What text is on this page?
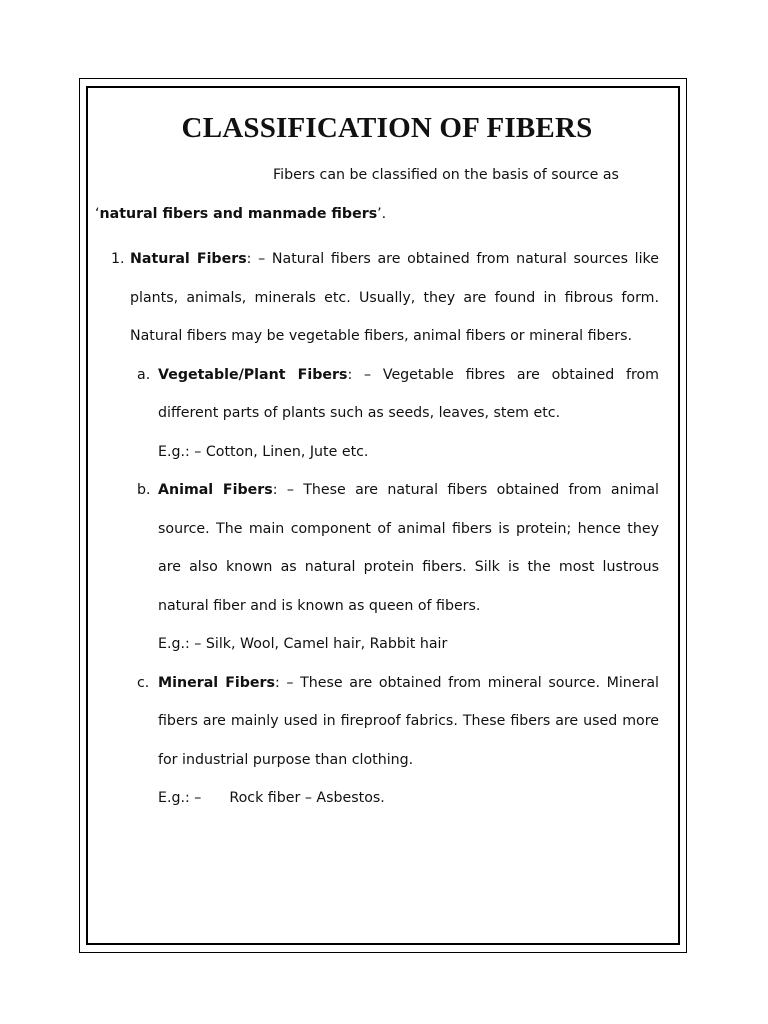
CLASSIFICATION OF FIBERS

Fibers can be classified on the basis of source as
‘natural fibers and manmade fibers’.

1. Natural Fibers: – Natural fibers are obtained from natural sources like plants, animals, minerals etc. Usually, they are found in fibrous form. Natural fibers may be vegetable fibers, animal fibers or mineral fibers.
a. Vegetable/Plant Fibers: – Vegetable fibres are obtained from different parts of plants such as seeds, leaves, stem etc.
E.g.: – Cotton, Linen, Jute etc.
b. Animal Fibers: – These are natural fibers obtained from animal source. The main component of animal fibers is protein; hence they are also known as natural protein fibers. Silk is the most lustrous natural fiber and is known as queen of fibers.
E.g.: – Silk, Wool, Camel hair, Rabbit hair
c. Mineral Fibers: – These are obtained from mineral source. Mineral fibers are mainly used in fireproof fabrics. These fibers are used more for industrial purpose than clothing.
E.g.: – Rock fiber – Asbestos.
